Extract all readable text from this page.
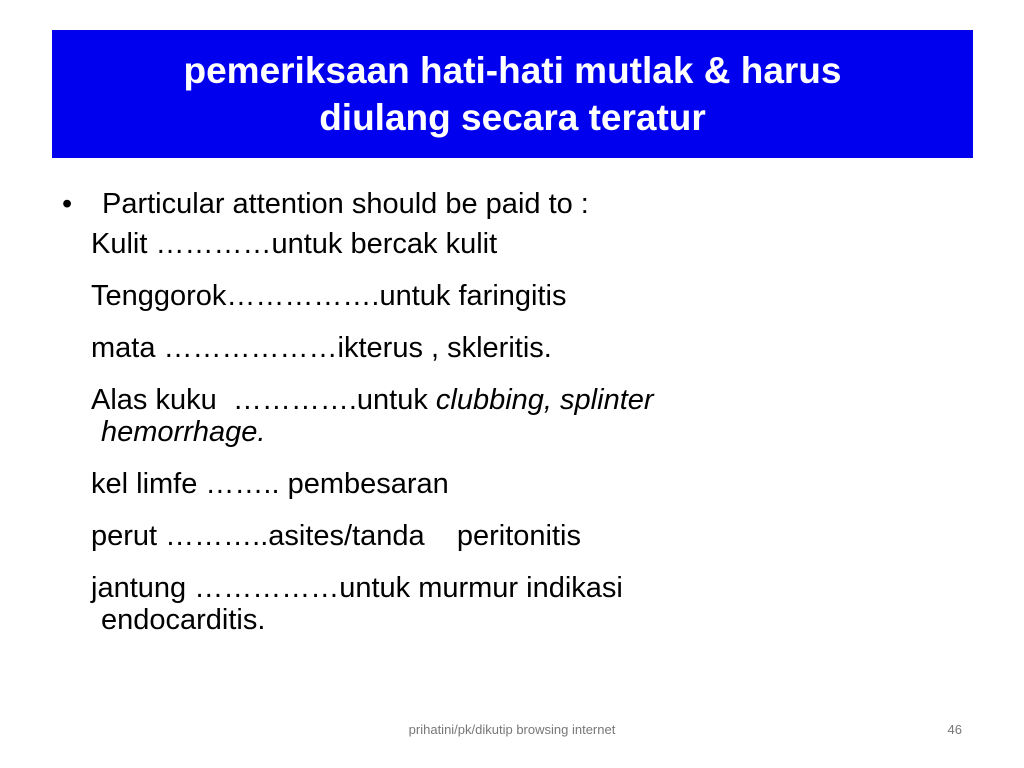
pemeriksaan hati-hati mutlak & harus
diulang secara teratur
• Particular attention should be paid to :
Kulit …………untuk bercak kulit
Tenggorok…………….untuk faringitis
mata ………………ikterus , skleritis.
Alas kuku  ………….untuk clubbing, splinter
hemorrhage.
kel limfe …….. pembesaran
perut ………..asites/tanda    peritonitis
jantung ……………untuk murmur indikasi
endocarditis.
prihatini/pk/dikutip browsing internet	46
